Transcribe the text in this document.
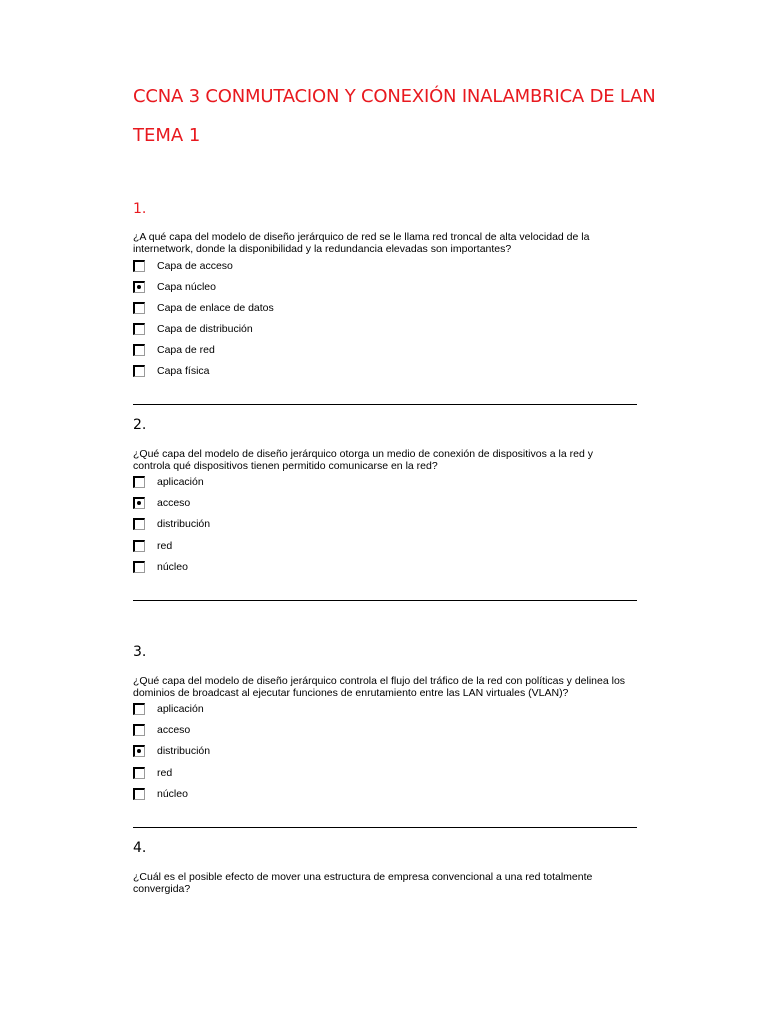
CCNA 3 CONMUTACION Y CONEXIÓN INALAMBRICA DE LAN
TEMA 1
1.
¿A qué capa del modelo de diseño jerárquico de red se le llama red troncal de alta velocidad de la
internetwork, donde la disponibilidad y la redundancia elevadas son importantes?
Capa de acceso
Capa núcleo
Capa de enlace de datos
Capa de distribución
Capa de red
Capa física
2.
¿Qué capa del modelo de diseño jerárquico otorga un medio de conexión de dispositivos a la red y
controla qué dispositivos tienen permitido comunicarse en la red?
aplicación
acceso
distribución
red
núcleo
3.
¿Qué capa del modelo de diseño jerárquico controla el flujo del tráfico de la red con políticas y delinea los
dominios de broadcast al ejecutar funciones de enrutamiento entre las LAN virtuales (VLAN)?
aplicación
acceso
distribución
red
núcleo
4.
¿Cuál es el posible efecto de mover una estructura de empresa convencional a una red totalmente
convergida?
